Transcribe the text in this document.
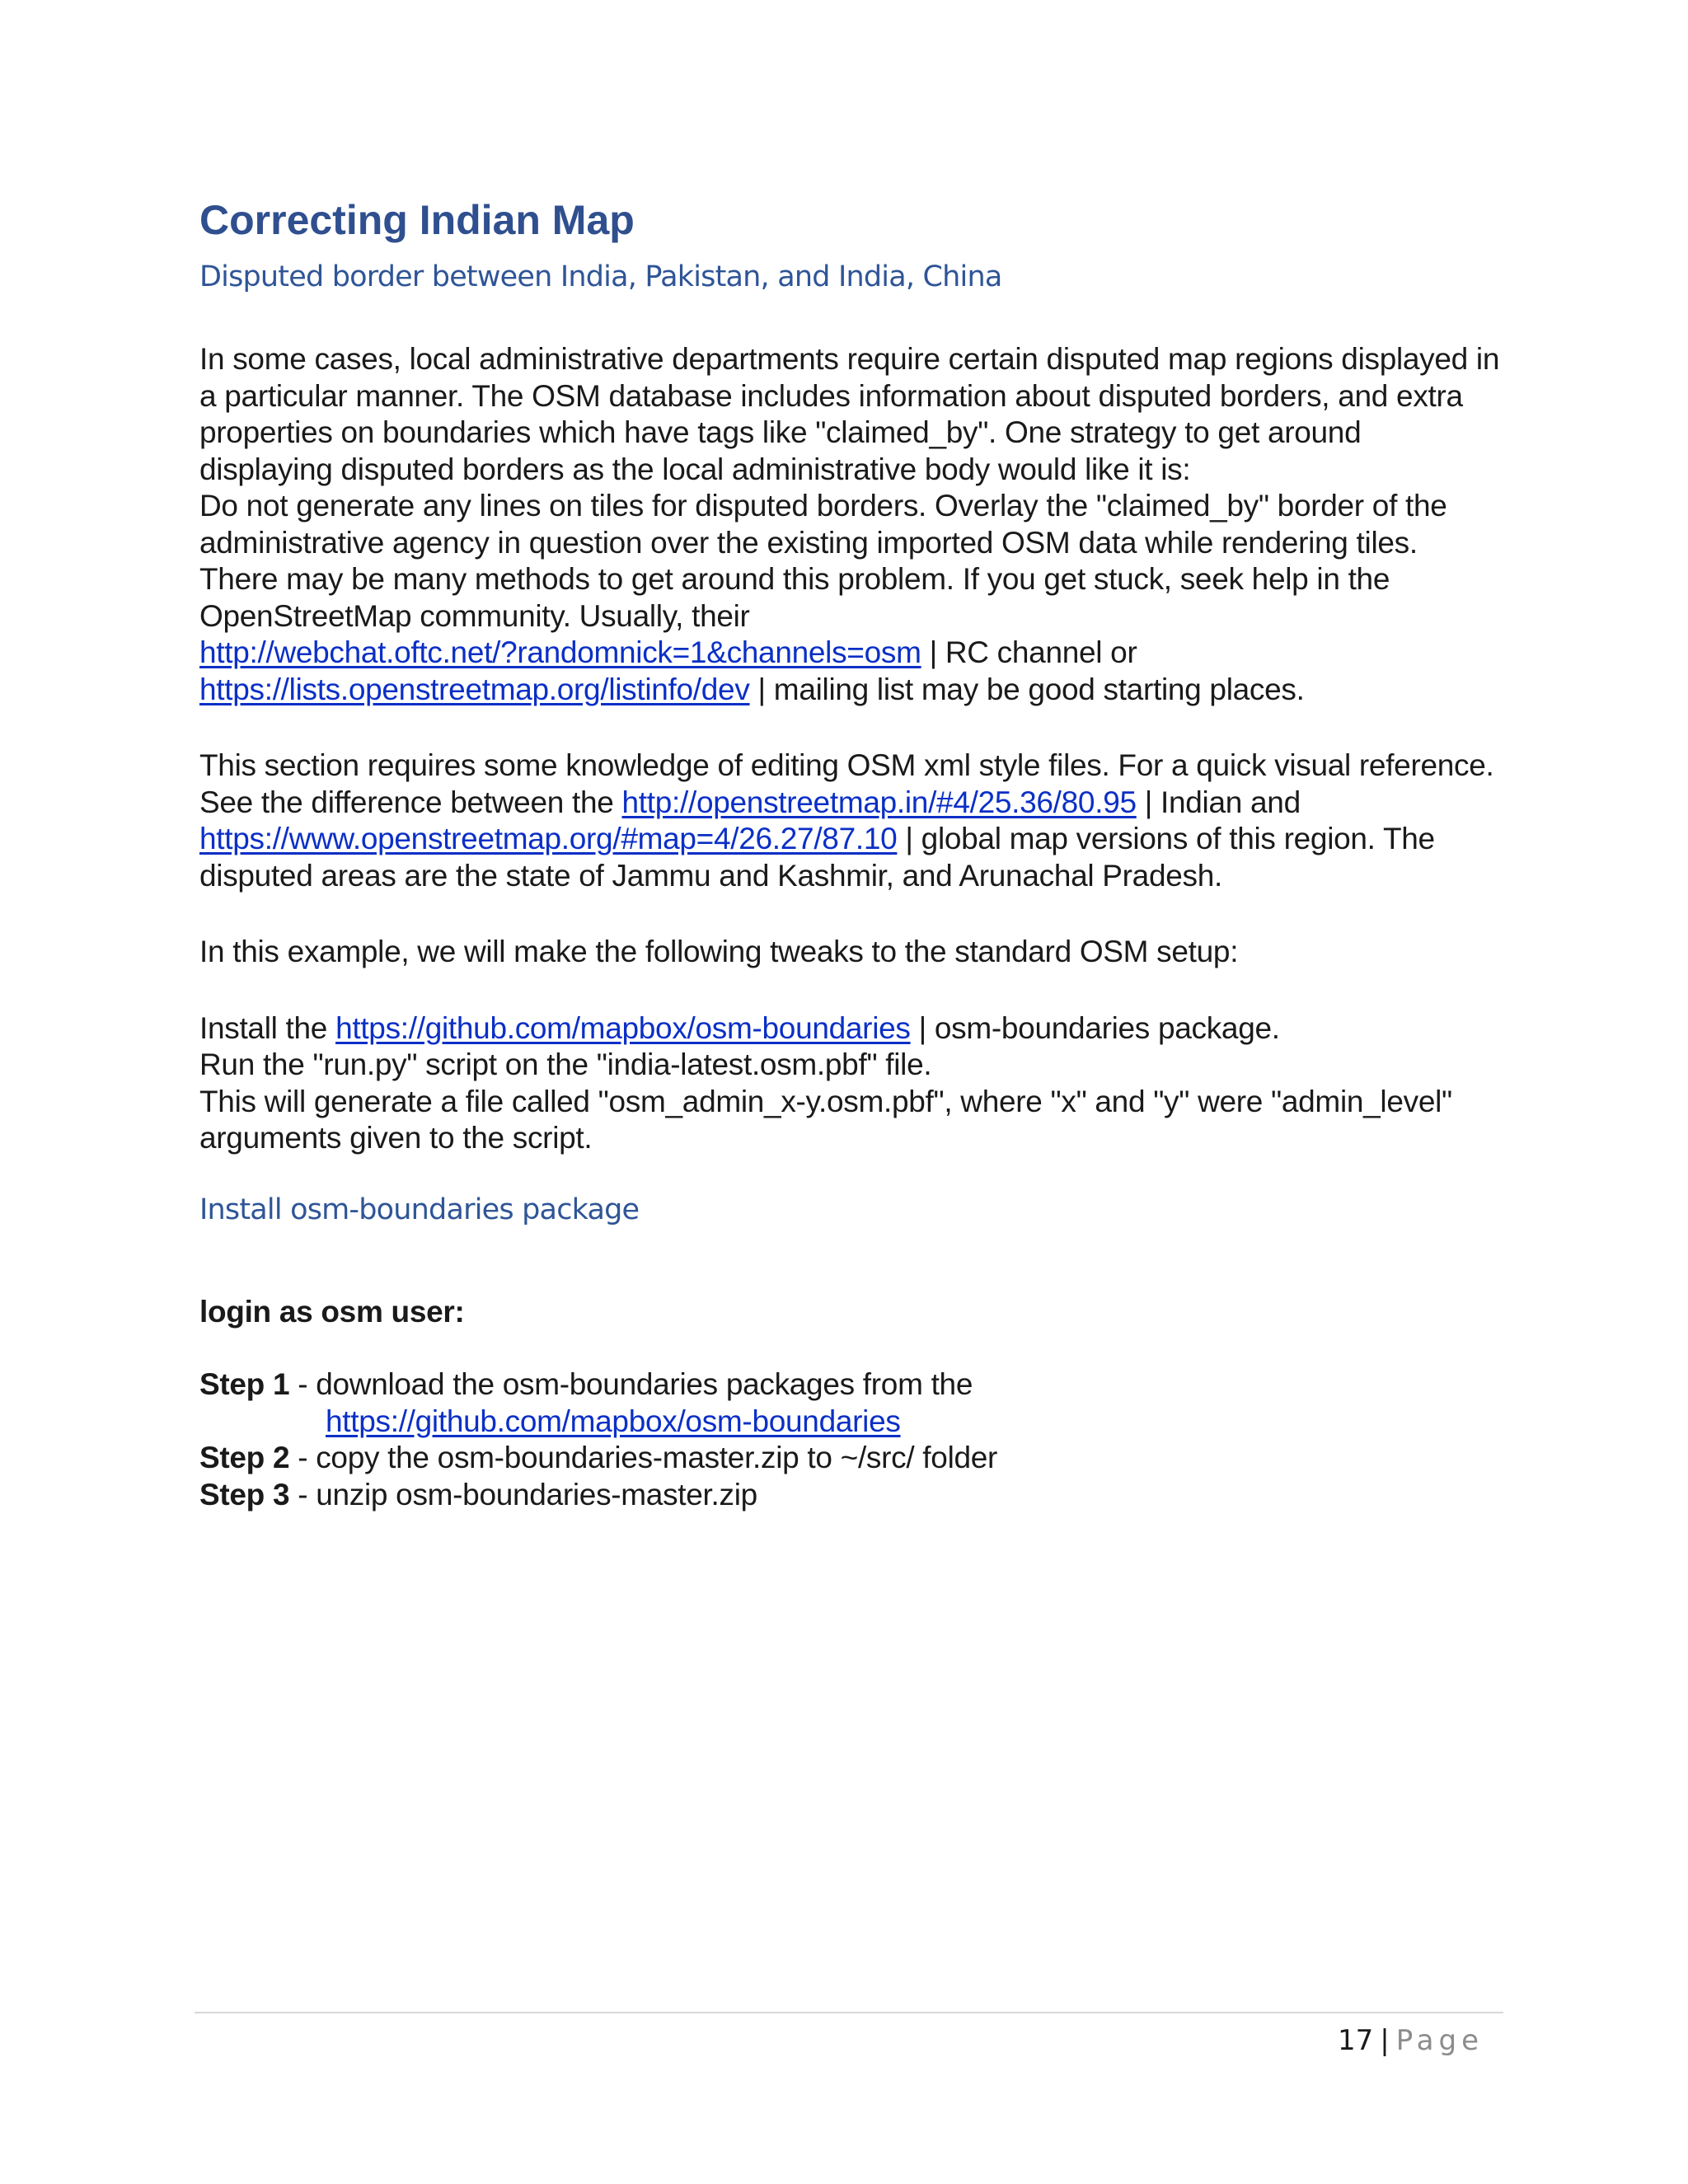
Correcting Indian Map
Disputed border between India, Pakistan, and India, China

In some cases, local administrative departments require certain disputed map regions displayed in a particular manner. The OSM database includes information about disputed borders, and extra properties on boundaries which have tags like "claimed_by". One strategy to get around displaying disputed borders as the local administrative body would like it is:
Do not generate any lines on tiles for disputed borders. Overlay the "claimed_by" border of the administrative agency in question over the existing imported OSM data while rendering tiles. There may be many methods to get around this problem. If you get stuck, seek help in the OpenStreetMap community. Usually, their
http://webchat.oftc.net/?randomnick=1&channels=osm | RC channel or
https://lists.openstreetmap.org/listinfo/dev | mailing list may be good starting places.

This section requires some knowledge of editing OSM xml style files. For a quick visual reference. See the difference between the http://openstreetmap.in/#4/25.36/80.95 | Indian and https://www.openstreetmap.org/#map=4/26.27/87.10 | global map versions of this region. The disputed areas are the state of Jammu and Kashmir, and Arunachal Pradesh.

In this example, we will make the following tweaks to the standard OSM setup:

Install the https://github.com/mapbox/osm-boundaries | osm-boundaries package.
Run the "run.py" script on the "india-latest.osm.pbf" file.
This will generate a file called "osm_admin_x-y.osm.pbf", where "x" and "y" were "admin_level" arguments given to the script.

Install osm-boundaries package

login as osm user:

Step 1 - download the osm-boundaries packages from the
https://github.com/mapbox/osm-boundaries
Step 2 - copy the osm-boundaries-master.zip to ~/src/ folder
Step 3 - unzip osm-boundaries-master.zip
17 | Page
